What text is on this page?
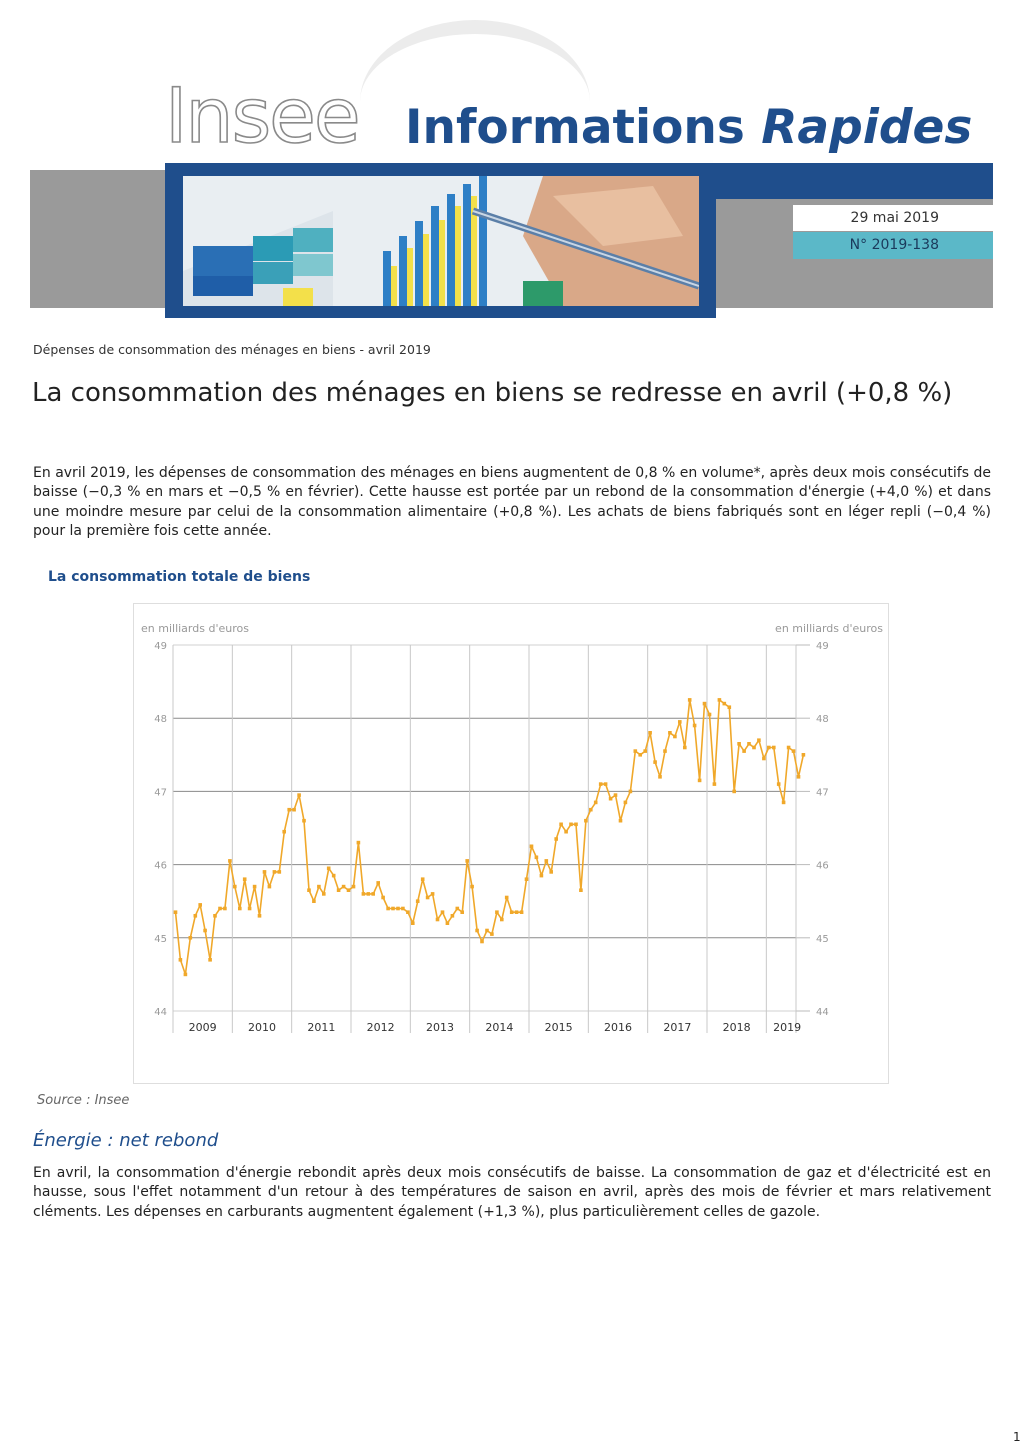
Insee Informations Rapides
29 mai 2019
N° 2019-138
Dépenses de consommation des ménages en biens - avril 2019
La consommation des ménages en biens se redresse en avril (+0,8 %)
En avril 2019, les dépenses de consommation des ménages en biens augmentent de 0,8 % en volume*, après deux mois consécutifs de baisse (−0,3 % en mars et −0,5 % en février). Cette hausse est portée par un rebond de la consommation d'énergie (+4,0 %) et dans une moindre mesure par celui de la consommation alimentaire (+0,8 %). Les achats de biens fabriqués sont en léger repli (−0,4 %) pour la première fois cette année.
La consommation totale de biens
44	44
45	45
46	46
47	47
48	48
49	49
2009	2010	2011	2012	2013	2014	2015	2016	2017	2018 2019
en milliards d'euros	en milliards d'euros
Source : Insee
Énergie : net rebond
En avril, la consommation d'énergie rebondit après deux mois consécutifs de baisse. La consommation de gaz et d'électricité est en hausse, sous l'effet notamment d'un retour à des températures de saison en avril, après des mois de février et mars relativement cléments. Les dépenses en carburants augmentent également (+1,3 %), plus particulièrement celles de gazole.
1
